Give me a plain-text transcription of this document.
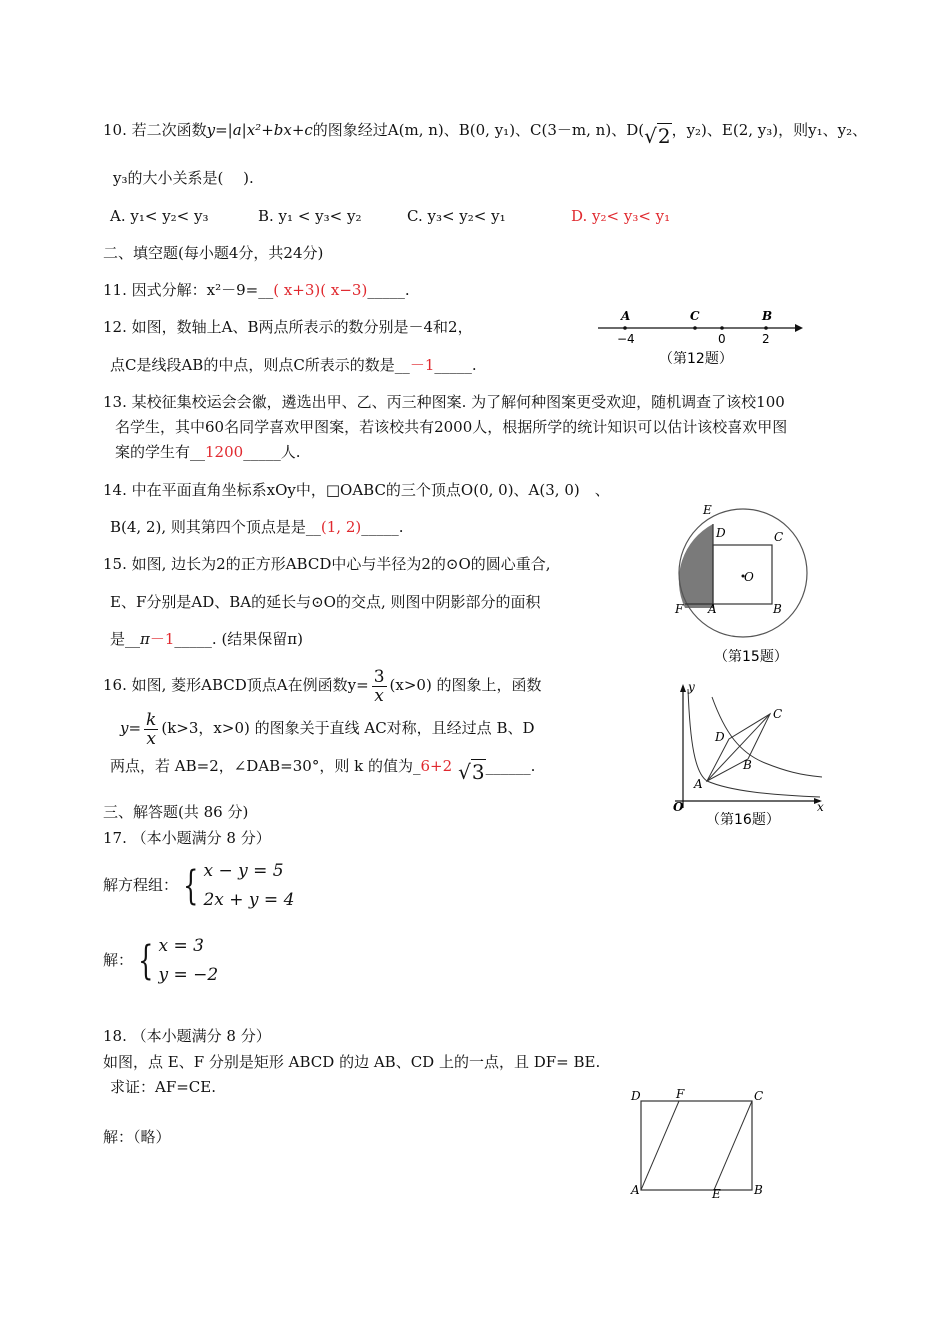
10. 若二次函数y=|a|x²+bx+c的图象经过A(m, n)、B(0, y₁)、C(3－m, n)、D(√2，y₂)、E(2, y₃)，则y₁、y₂、
y₃的大小关系是(　 ).
A. y₁< y₂< y₃	B. y₁ < y₃< y₂	C. y₃< y₂< y₁	D. y₂< y₃< y₁
二、填空题(每小题4分，共24分)
11. 因式分解：x²－9=__( x+3)( x−3)_____.
12. 如图，数轴上A、B两点所表示的数分别是－4和2，
点C是线段AB的中点，则点C所表示的数是__－1_____.
A	C	B
−4	0	2
（第12题）
13. 某校征集校运会会徽，遴选出甲、乙、丙三种图案. 为了解何种图案更受欢迎，随机调查了该校100
名学生，其中60名同学喜欢甲图案，若该校共有2000人，根据所学的统计知识可以估计该校喜欢甲图
案的学生有__1200_____人.
14. 中在平面直角坐标系xOy中，□OABC的三个顶点O(0, 0)、A(3, 0)　、
B(4, 2), 则其第四个顶点是是__(1, 2)_____.
15. 如图, 边长为2的正方形ABCD中心与半径为2的⊙O的圆心重合,
E、F分别是AD、BA的延长与⊙O的交点, 则图中阴影部分的面积
是__π－1_____. (结果保留π)
E
D	C
O
F A	B
（第15题）
16. 如图, 菱形ABCD顶点A在例函数$y= \frac{3}{x} (x>0)$ 的图象上，函数
$y= \frac{k}{x} (k>3$，x>0) 的图象关于直线 AC对称，且经过点 B、D
两点，若 AB=2，∠DAB=30°，则 k 的值为_6+2 √3______.
y
C
D
B
A
O	x
（第16题）
三、解答题(共 86 分)
17. （本小题满分 8 分）
解方程组： { x − y = 5
2x + y = 4
解： { x = 3
y = −2
18. （本小题满分 8 分）
如图，点 E、F 分别是矩形 ABCD 的边 AB、CD 上的一点，且 DF= BE.
求证：AF=CE.
解：（略）
D	F	C
A	E	B
